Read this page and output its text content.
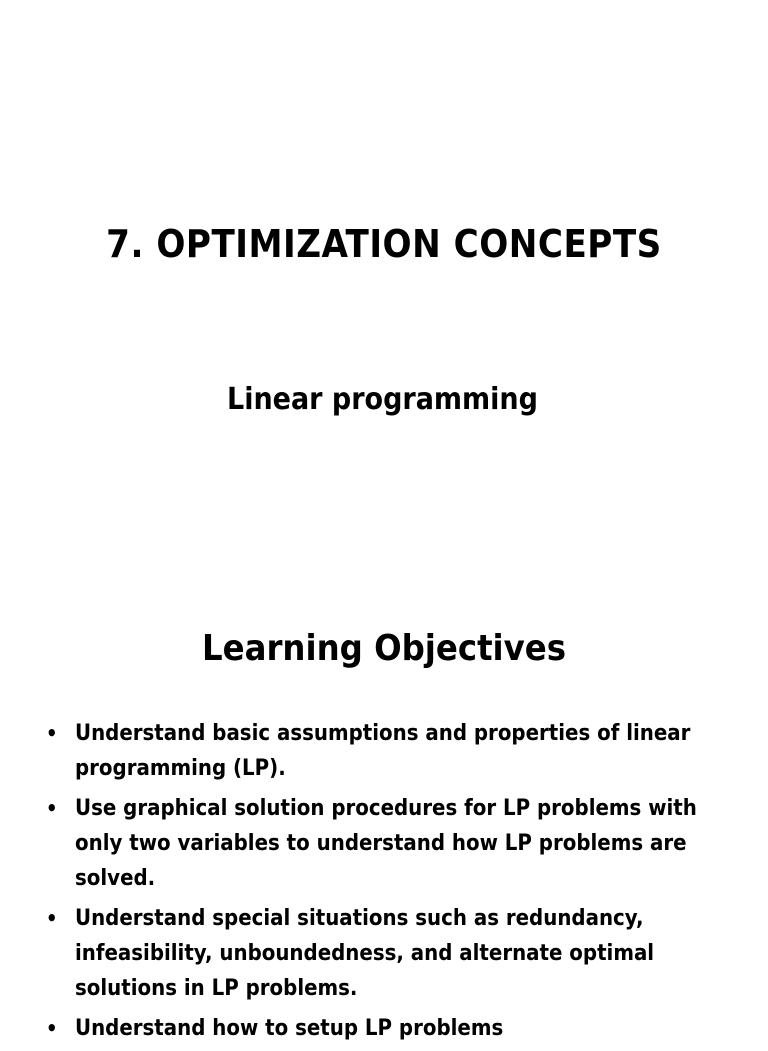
7. OPTIMIZATION CONCEPTS
Linear programming
Learning Objectives
• Understand basic assumptions and properties of linear programming (LP).
• Use graphical solution procedures for LP problems with only two variables to understand how LP problems are solved.
• Understand special situations such as redundancy, infeasibility, unboundedness, and alternate optimal solutions in LP problems.
• Understand how to setup LP problems
